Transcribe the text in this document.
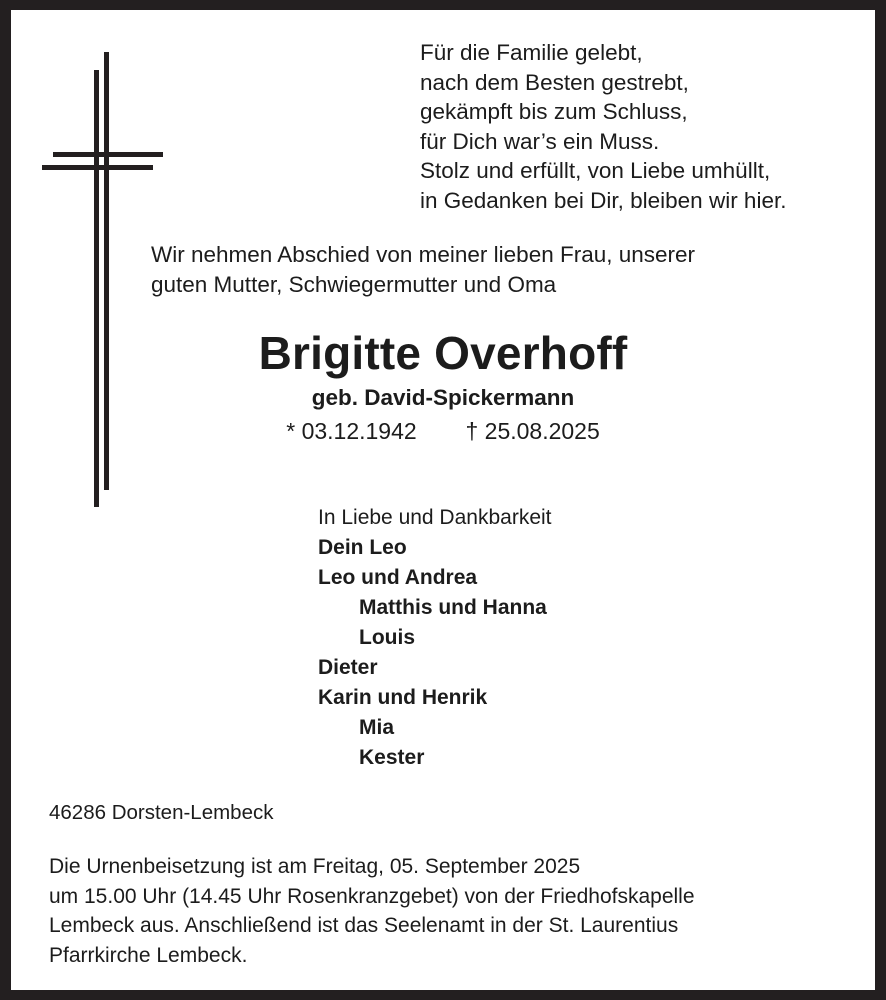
Für die Familie gelebt,
nach dem Besten gestrebt,
gekämpft bis zum Schluss,
für Dich war’s ein Muss.
Stolz und erfüllt, von Liebe umhüllt,
in Gedanken bei Dir, bleiben wir hier.
Wir nehmen Abschied von meiner lieben Frau, unserer
guten Mutter, Schwiegermutter und Oma
Brigitte Overhoff
geb. David-Spickermann
* 03.12.1942 † 25.08.2025
In Liebe und Dankbarkeit
Dein Leo
Leo und Andrea
Matthis und Hanna
Louis
Dieter
Karin und Henrik
Mia
Kester
46286 Dorsten-Lembeck
Die Urnenbeisetzung ist am Freitag, 05. September 2025
um 15.00 Uhr (14.45 Uhr Rosenkranzgebet) von der Friedhofskapelle
Lembeck aus. Anschließend ist das Seelenamt in der St. Laurentius
Pfarrkirche Lembeck.
